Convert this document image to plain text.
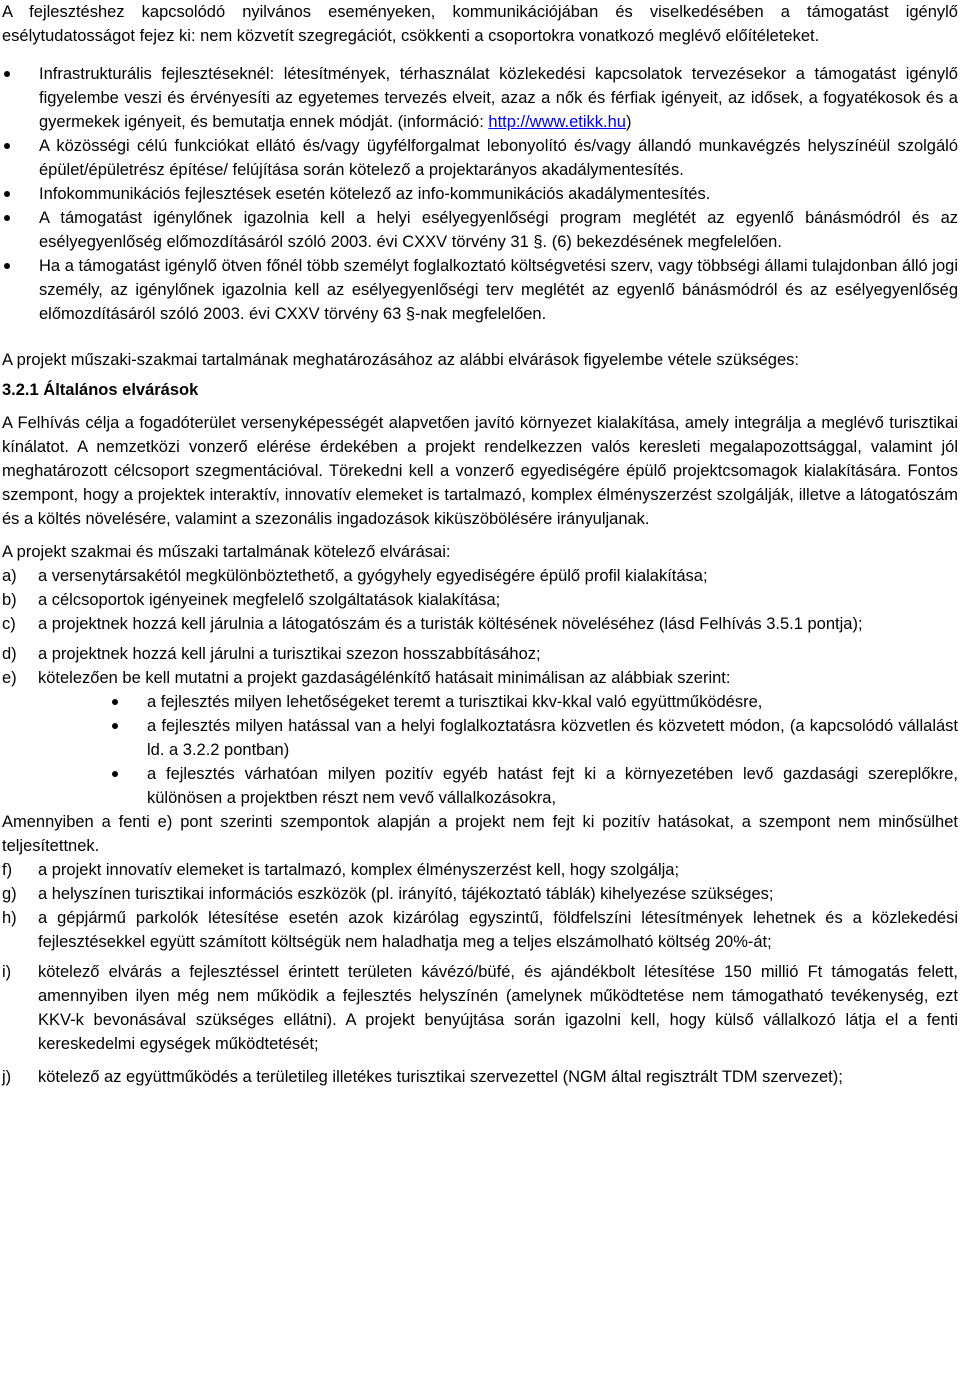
A fejlesztéshez kapcsolódó nyilvános eseményeken, kommunikációjában és viselkedésében a támogatást igénylő esélytudatosságot fejez ki: nem közvetít szegregációt, csökkenti a csoportokra vonatkozó meglévő előítéleteket.

Infrastrukturális fejlesztéseknél: létesítmények, térhasználat közlekedési kapcsolatok tervezésekor a támogatást igénylő figyelembe veszi és érvényesíti az egyetemes tervezés elveit, azaz a nők és férfiak igényeit, az idősek, a fogyatékosok és a gyermekek igényeit, és bemutatja ennek módját. (információ: http://www.etikk.hu)
A közösségi célú funkciókat ellátó és/vagy ügyfélforgalmat lebonyolító és/vagy állandó munkavégzés helyszínéül szolgáló épület/épületrész építése/ felújítása során kötelező a projektarányos akadálymentesítés.
Infokommunikációs fejlesztések esetén kötelező az info-kommunikációs akadálymentesítés.
A támogatást igénylőnek igazolnia kell a helyi esélyegyenlőségi program meglétét az egyenlő bánásmódról és az esélyegyenlőség előmozdításáról szóló 2003. évi CXXV törvény 31 §. (6) bekezdésének megfelelően.
Ha a támogatást igénylő ötven főnél több személyt foglalkoztató költségvetési szerv, vagy többségi állami tulajdonban álló jogi személy, az igénylőnek igazolnia kell az esélyegyenlőségi terv meglétét az egyenlő bánásmódról és az esélyegyenlőség előmozdításáról szóló 2003. évi CXXV törvény 63 §-nak megfelelően.

A projekt műszaki-szakmai tartalmának meghatározásához az alábbi elvárások figyelembe vétele szükséges:

3.2.1 Általános elvárások

A Felhívás célja a fogadóterület versenyképességét alapvetően javító környezet kialakítása, amely integrálja a meglévő turisztikai kínálatot. A nemzetközi vonzerő elérése érdekében a projekt rendelkezzen valós keresleti megalapozottsággal, valamint jól meghatározott célcsoport szegmentációval. Törekedni kell a vonzerő egyediségére épülő projektcsomagok kialakítására. Fontos szempont, hogy a projektek interaktív, innovatív elemeket is tartalmazó, komplex élményszerzést szolgálják, illetve a látogatószám és a költés növelésére, valamint a szezonális ingadozások kiküszöbölésére irányuljanak.

A projekt szakmai és műszaki tartalmának kötelező elvárásai:

a)	a versenytársakétól megkülönböztethető, a gyógyhely egyediségére épülő profil kialakítása;
b)	a célcsoportok igényeinek megfelelő szolgáltatások kialakítása;
c)	a projektnek hozzá kell járulnia a látogatószám és a turisták költésének növeléséhez (lásd Felhívás 3.5.1 pontja);
d)	a projektnek hozzá kell járulni a turisztikai szezon hosszabbításához;
e)	kötelezően be kell mutatni a projekt gazdaságélénkítő hatásait minimálisan az alábbiak szerint:
a fejlesztés milyen lehetőségeket teremt a turisztikai kkv-kkal való együttműködésre,
a fejlesztés milyen hatással van a helyi foglalkoztatásra közvetlen és közvetett módon, (a kapcsolódó vállalást ld. a 3.2.2 pontban)
a fejlesztés várhatóan milyen pozitív egyéb hatást fejt ki a környezetében levő gazdasági szereplőkre, különösen a projektben részt nem vevő vállalkozásokra,

Amennyiben a fenti e) pont szerinti szempontok alapján a projekt nem fejt ki pozitív hatásokat, a szempont nem minősülhet teljesítettnek.

f)	a projekt innovatív elemeket is tartalmazó, komplex élményszerzést kell, hogy szolgálja;
g)	a helyszínen turisztikai információs eszközök (pl. irányító, tájékoztató táblák) kihelyezése szükséges;
h)	a gépjármű parkolók létesítése esetén azok kizárólag egyszintű, földfelszíni létesítmények lehetnek és a közlekedési fejlesztésekkel együtt számított költségük nem haladhatja meg a teljes elszámolható költség 20%-át;
i)	kötelező elvárás a fejlesztéssel érintett területen kávézó/büfé, és ajándékbolt létesítése 150 millió Ft támogatás felett, amennyiben ilyen még nem működik a fejlesztés helyszínén (amelynek működtetése nem támogatható tevékenység, ezt KKV-k bevonásával szükséges ellátni). A projekt benyújtása során igazolni kell, hogy külső vállalkozó látja el a fenti kereskedelmi egységek működtetését;
j)	kötelező az együttműködés a területileg illetékes turisztikai szervezettel (NGM által regisztrált TDM szervezet);
